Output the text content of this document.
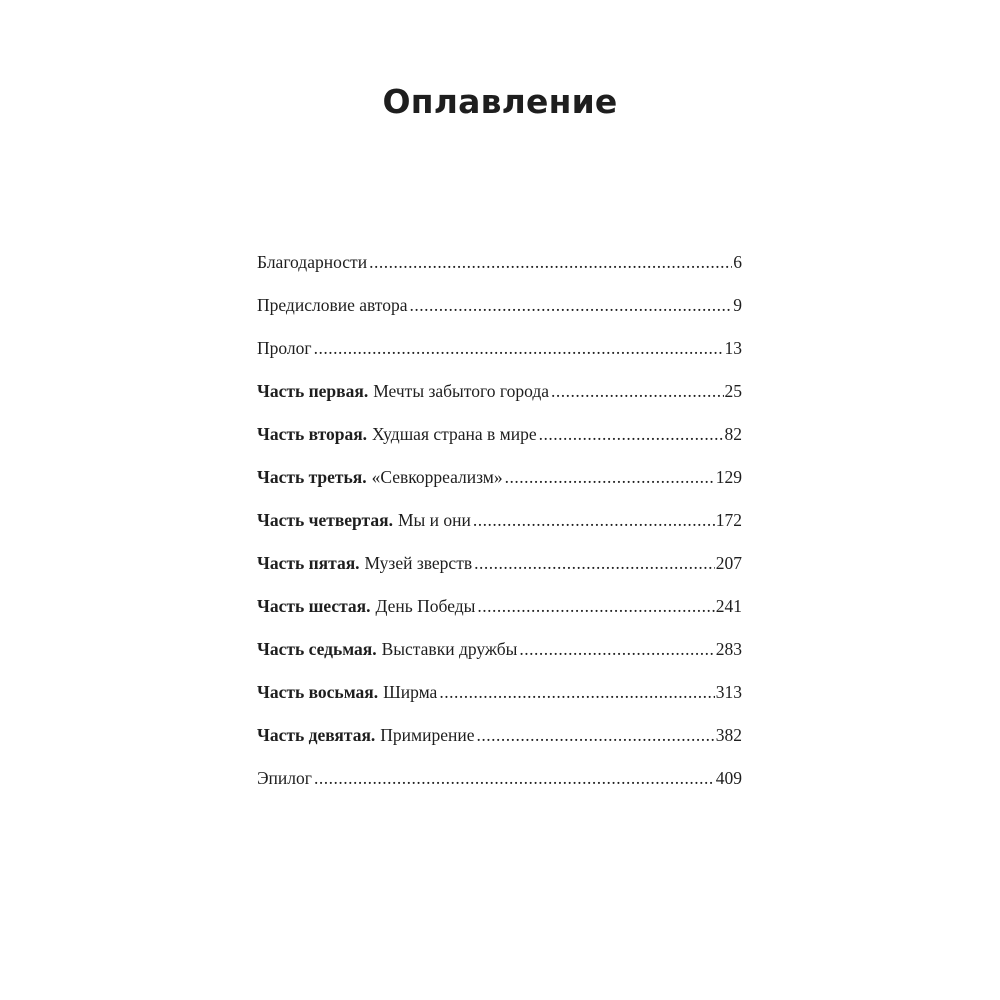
Оплавление
Благодарности .....	6
Предисловие автора .....	9
Пролог .....	13
Часть первая. Мечты забытого города .....	25
Часть вторая. Худшая страна в мире .....	82
Часть третья. «Севкорреализм» .....	129
Часть четвертая. Мы и они .....	172
Часть пятая. Музей зверств .....	207
Часть шестая. День Победы .....	241
Часть седьмая. Выставки дружбы .....	283
Часть восьмая. Ширма .....	313
Часть девятая. Примирение .....	382
Эпилог .....	409
